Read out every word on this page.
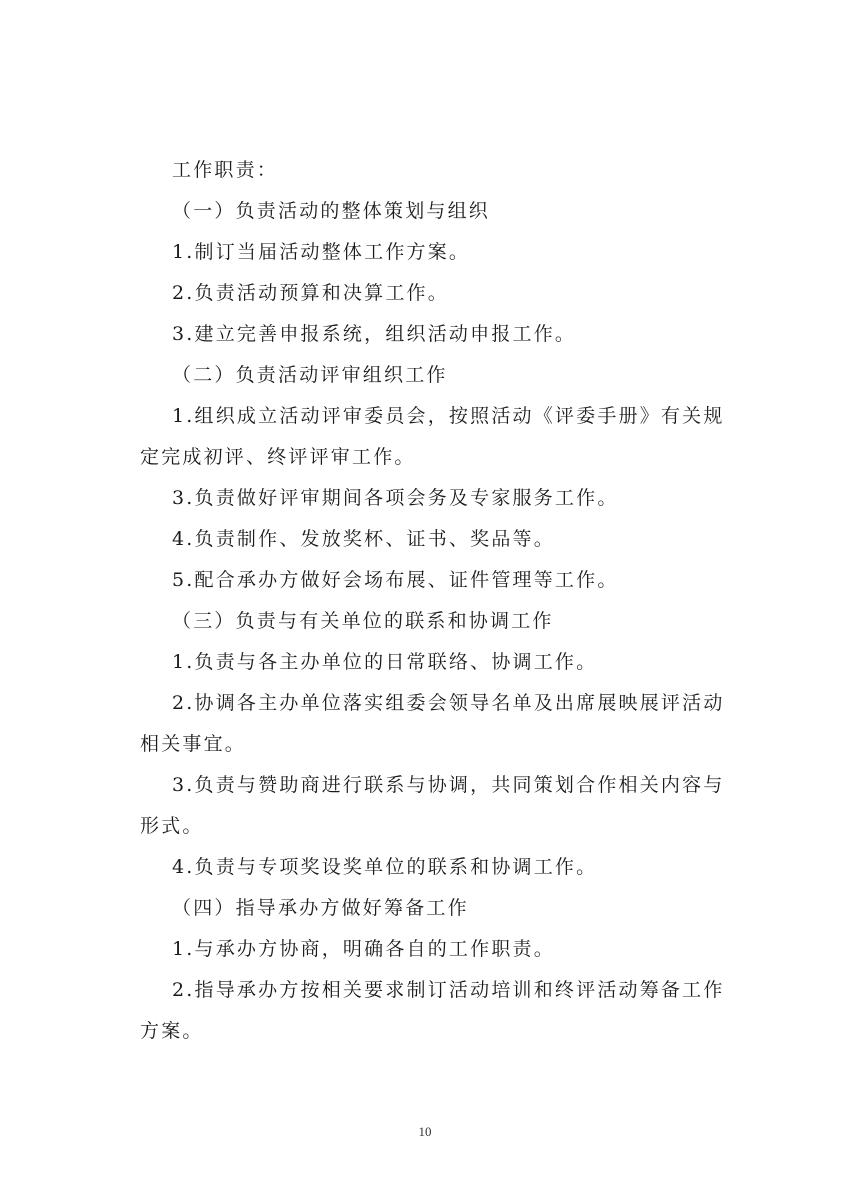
工作职责：

（一）负责活动的整体策划与组织

1.制订当届活动整体工作方案。

2.负责活动预算和决算工作。

3.建立完善申报系统，组织活动申报工作。

（二）负责活动评审组织工作

1.组织成立活动评审委员会，按照活动《评委手册》有关规定完成初评、终评评审工作。

3.负责做好评审期间各项会务及专家服务工作。

4.负责制作、发放奖杯、证书、奖品等。

5.配合承办方做好会场布展、证件管理等工作。

（三）负责与有关单位的联系和协调工作

1.负责与各主办单位的日常联络、协调工作。

2.协调各主办单位落实组委会领导名单及出席展映展评活动相关事宜。

3.负责与赞助商进行联系与协调，共同策划合作相关内容与形式。

4.负责与专项奖设奖单位的联系和协调工作。

（四）指导承办方做好筹备工作

1.与承办方协商，明确各自的工作职责。

2.指导承办方按相关要求制订活动培训和终评活动筹备工作方案。

10
